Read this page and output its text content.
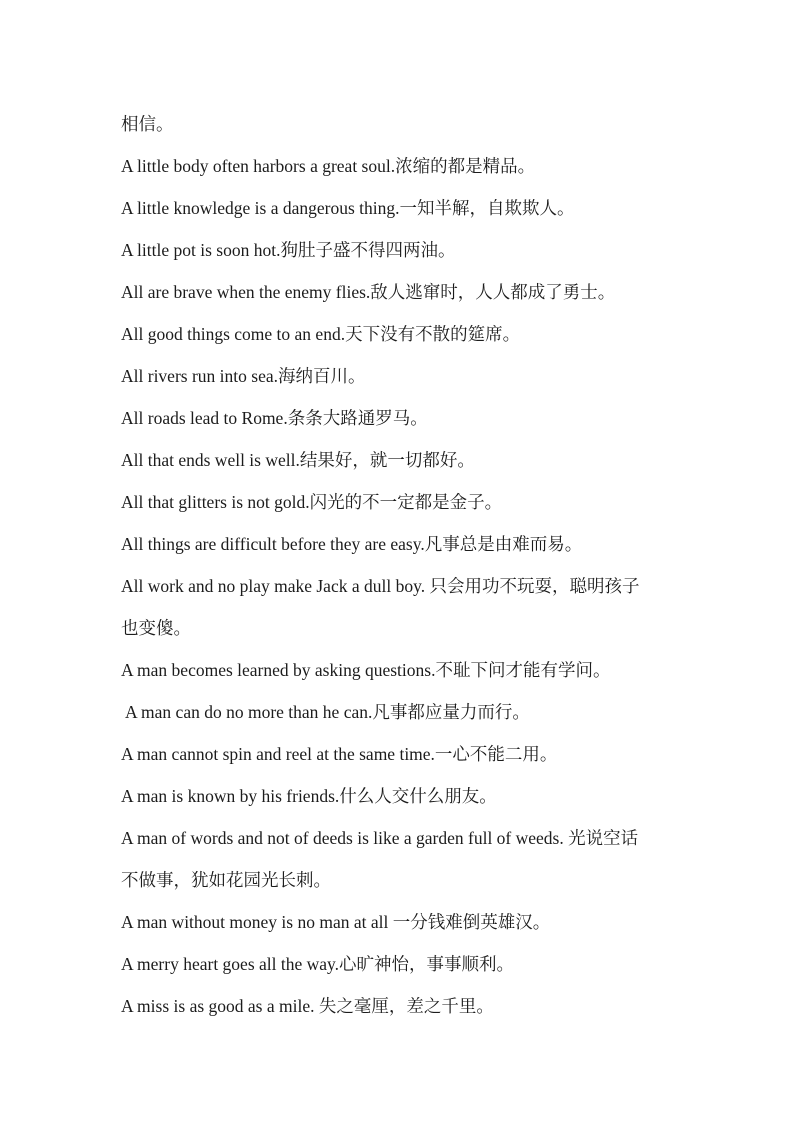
相信。
A little body often harbors a great soul.浓缩的都是精品。
A little knowledge is a dangerous thing.一知半解，自欺欺人。
A little pot is soon hot.狗肚子盛不得四两油。
All are brave when the enemy flies.敌人逃窜时，人人都成了勇士。
All good things come to an end.天下没有不散的筵席。
All rivers run into sea.海纳百川。
All roads lead to Rome.条条大路通罗马。
All that ends well is well.结果好，就一切都好。
All that glitters is not gold.闪光的不一定都是金子。
All things are difficult before they are easy.凡事总是由难而易。
All work and no play make Jack a dull boy. 只会用功不玩耍，聪明孩子
也变傻。
A man becomes learned by asking questions.不耻下问才能有学问。
A man can do no more than he can.凡事都应量力而行。
A man cannot spin and reel at the same time.一心不能二用。
A man is known by his friends.什么人交什么朋友。
A man of words and not of deeds is like a garden full of weeds. 光说空话
不做事，犹如花园光长刺。
A man without money is no man at all 一分钱难倒英雄汉。
A merry heart goes all the way.心旷神怡，事事顺利。
A miss is as good as a mile. 失之毫厘，差之千里。
